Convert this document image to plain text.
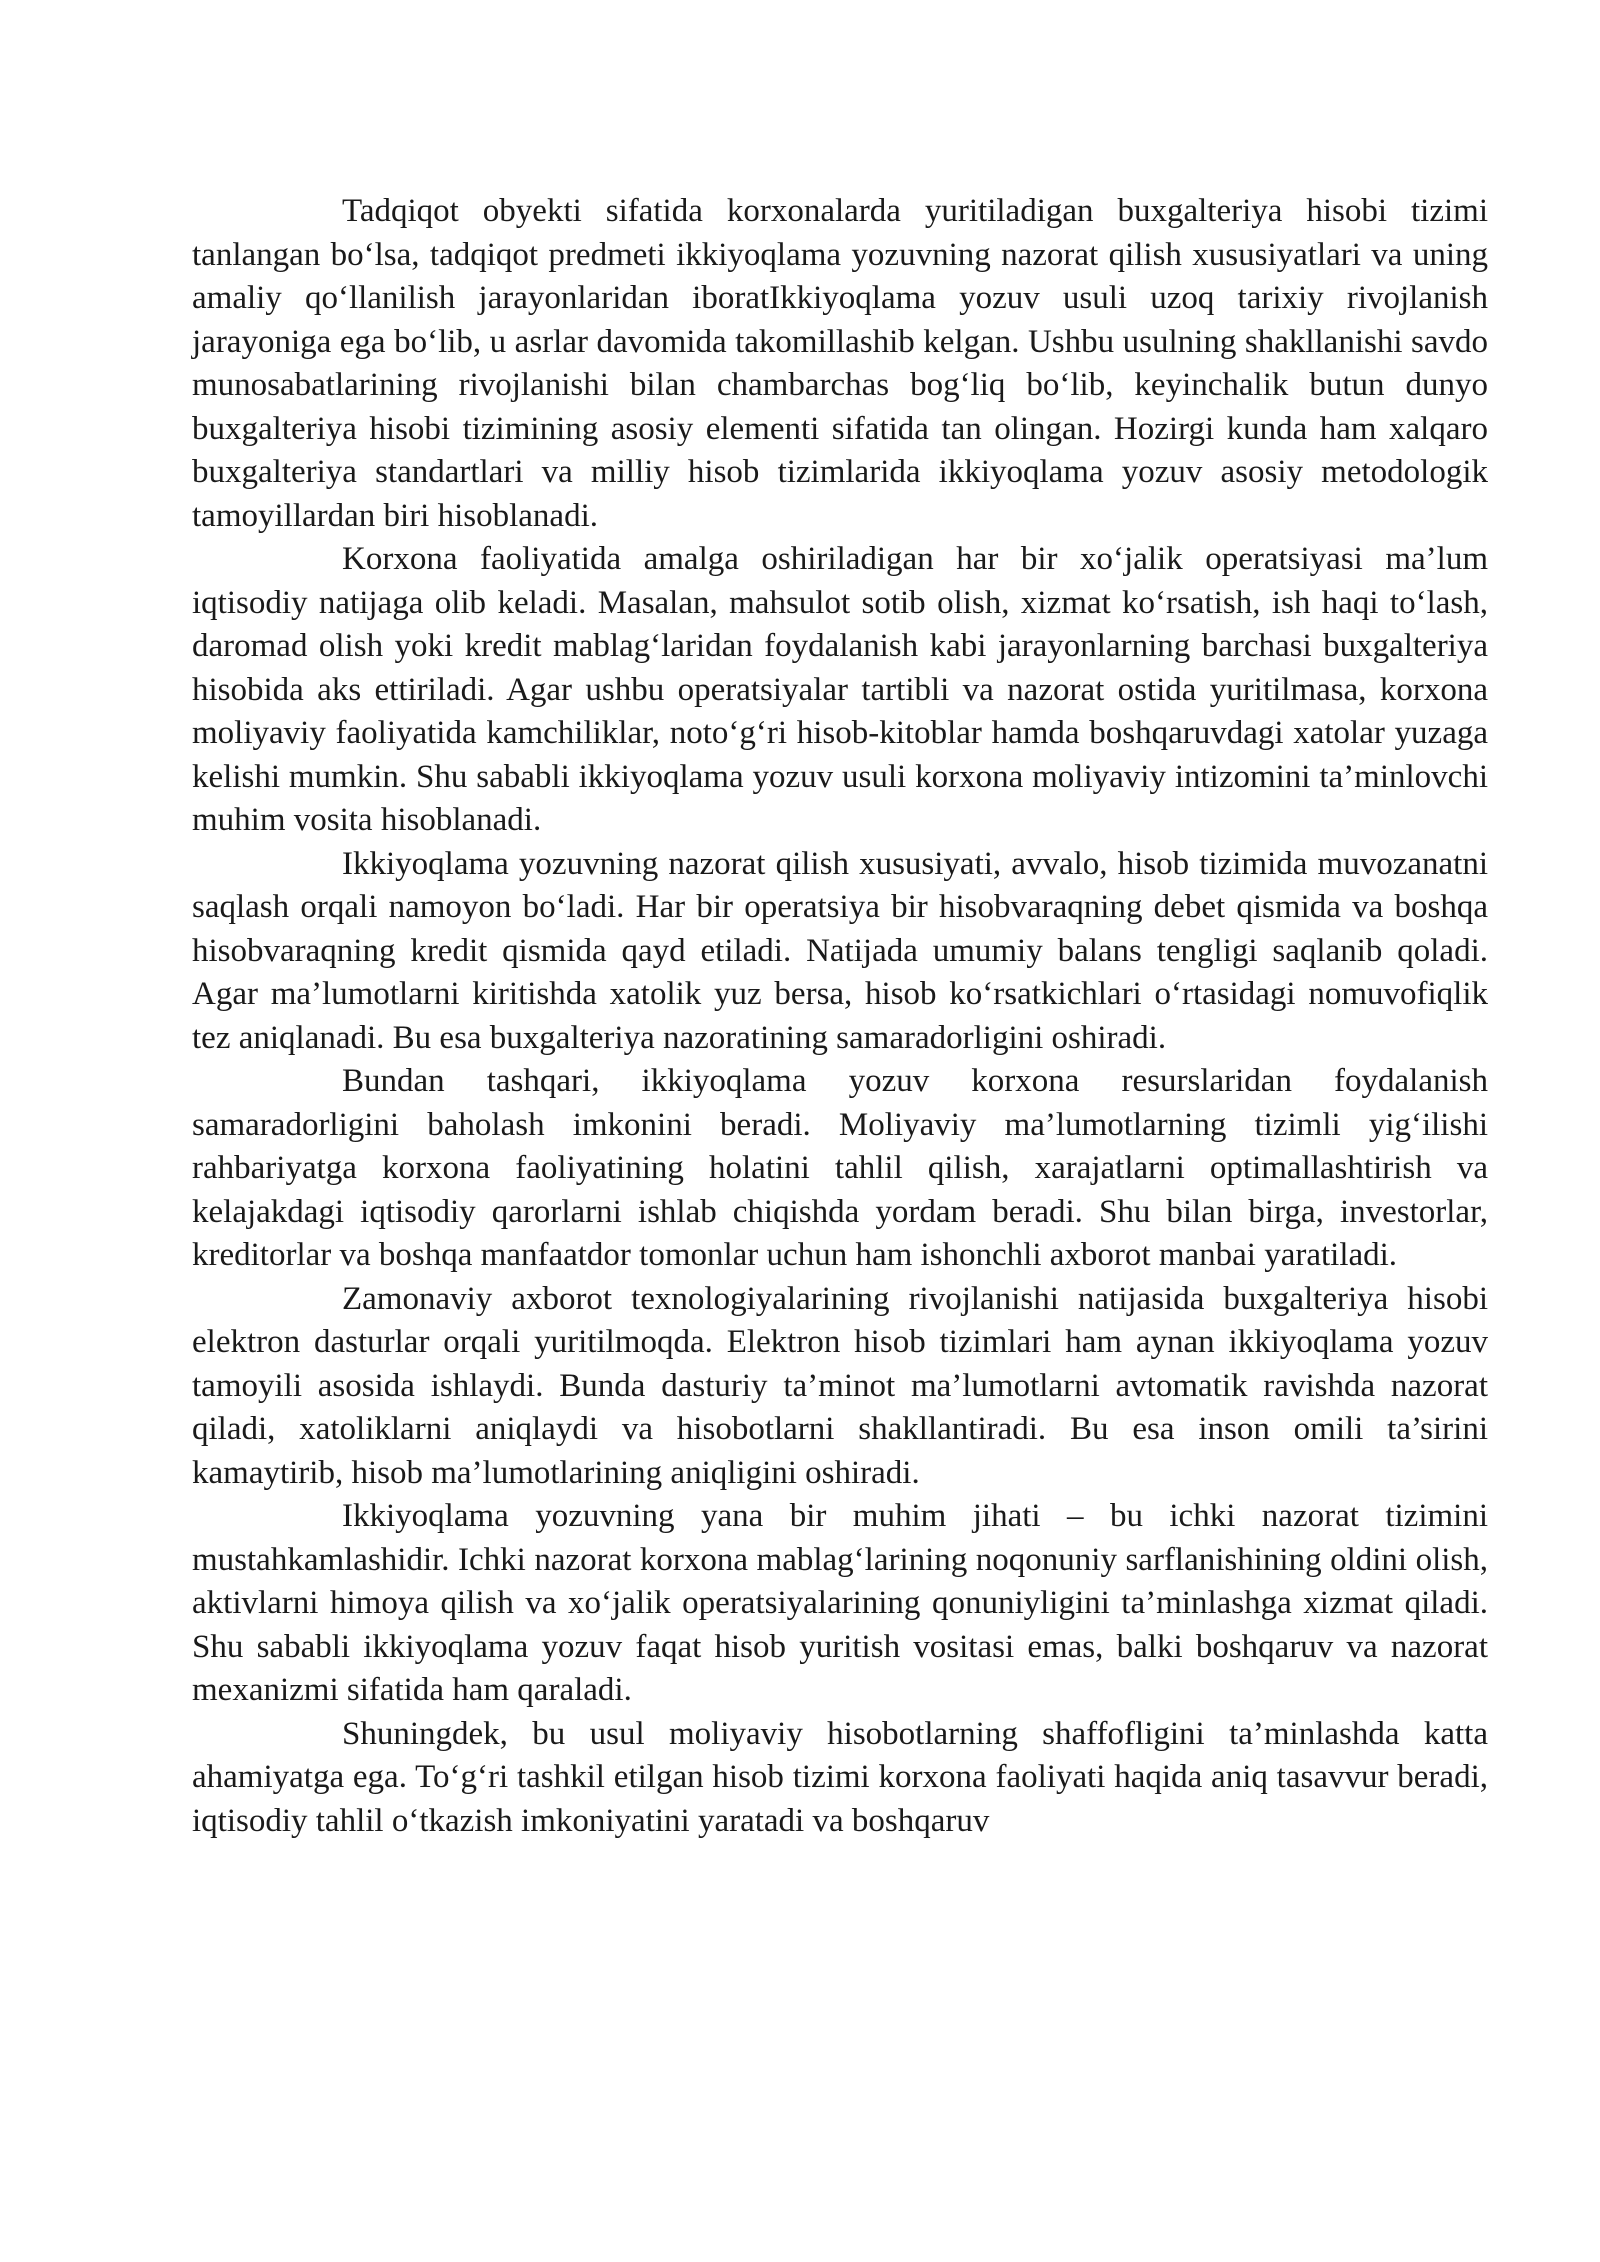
Tadqiqot obyekti sifatida korxonalarda yuritiladigan buxgalteriya hisobi tizimi tanlangan bo‘lsa, tadqiqot predmeti ikkiyoqlama yozuvning nazorat qilish xususiyatlari va uning amaliy qo‘llanilish jarayonlaridan iboratIkkiyoqlama yozuv usuli uzoq tarixiy rivojlanish jarayoniga ega bo‘lib, u asrlar davomida takomillashib kelgan. Ushbu usulning shakllanishi savdo munosabatlarining rivojlanishi bilan chambarchas bog‘liq bo‘lib, keyinchalik butun dunyo buxgalteriya hisobi tizimining asosiy elementi sifatida tan olingan. Hozirgi kunda ham xalqaro buxgalteriya standartlari va milliy hisob tizimlarida ikkiyoqlama yozuv asosiy metodologik tamoyillardan biri hisoblanadi.

Korxona faoliyatida amalga oshiriladigan har bir xo‘jalik operatsiyasi ma’lum iqtisodiy natijaga olib keladi. Masalan, mahsulot sotib olish, xizmat ko‘rsatish, ish haqi to‘lash, daromad olish yoki kredit mablag‘laridan foydalanish kabi jarayonlarning barchasi buxgalteriya hisobida aks ettiriladi. Agar ushbu operatsiyalar tartibli va nazorat ostida yuritilmasa, korxona moliyaviy faoliyatida kamchiliklar, noto‘g‘ri hisob-kitoblar hamda boshqaruvdagi xatolar yuzaga kelishi mumkin. Shu sababli ikkiyoqlama yozuv usuli korxona moliyaviy intizomini ta’minlovchi muhim vosita hisoblanadi.

Ikkiyoqlama yozuvning nazorat qilish xususiyati, avvalo, hisob tizimida muvozanatni saqlash orqali namoyon bo‘ladi. Har bir operatsiya bir hisobvaraqning debet qismida va boshqa hisobvaraqning kredit qismida qayd etiladi. Natijada umumiy balans tengligi saqlanib qoladi. Agar ma’lumotlarni kiritishda xatolik yuz bersa, hisob ko‘rsatkichlari o‘rtasidagi nomuvofiqlik tez aniqlanadi. Bu esa buxgalteriya nazoratining samaradorligini oshiradi.

Bundan tashqari, ikkiyoqlama yozuv korxona resurslaridan foydalanish samaradorligini baholash imkonini beradi. Moliyaviy ma’lumotlarning tizimli yig‘ilishi rahbariyatga korxona faoliyatining holatini tahlil qilish, xarajatlarni optimallashtirish va kelajakdagi iqtisodiy qarorlarni ishlab chiqishda yordam beradi. Shu bilan birga, investorlar, kreditorlar va boshqa manfaatdor tomonlar uchun ham ishonchli axborot manbai yaratiladi.

Zamonaviy axborot texnologiyalarining rivojlanishi natijasida buxgalteriya hisobi elektron dasturlar orqali yuritilmoqda. Elektron hisob tizimlari ham aynan ikkiyoqlama yozuv tamoyili asosida ishlaydi. Bunda dasturiy ta’minot ma’lumotlarni avtomatik ravishda nazorat qiladi, xatoliklarni aniqlaydi va hisobotlarni shakllantiradi. Bu esa inson omili ta’sirini kamaytirib, hisob ma’lumotlarining aniqligini oshiradi.

Ikkiyoqlama yozuvning yana bir muhim jihati – bu ichki nazorat tizimini mustahkamlashidir. Ichki nazorat korxona mablag‘larining noqonuniy sarflanishining oldini olish, aktivlarni himoya qilish va xo‘jalik operatsiyalarining qonuniyligini ta’minlashga xizmat qiladi. Shu sababli ikkiyoqlama yozuv faqat hisob yuritish vositasi emas, balki boshqaruv va nazorat mexanizmi sifatida ham qaraladi.

Shuningdek, bu usul moliyaviy hisobotlarning shaffofligini ta’minlashda katta ahamiyatga ega. To‘g‘ri tashkil etilgan hisob tizimi korxona faoliyati haqida aniq tasavvur beradi, iqtisodiy tahlil o‘tkazish imkoniyatini yaratadi va boshqaruv
